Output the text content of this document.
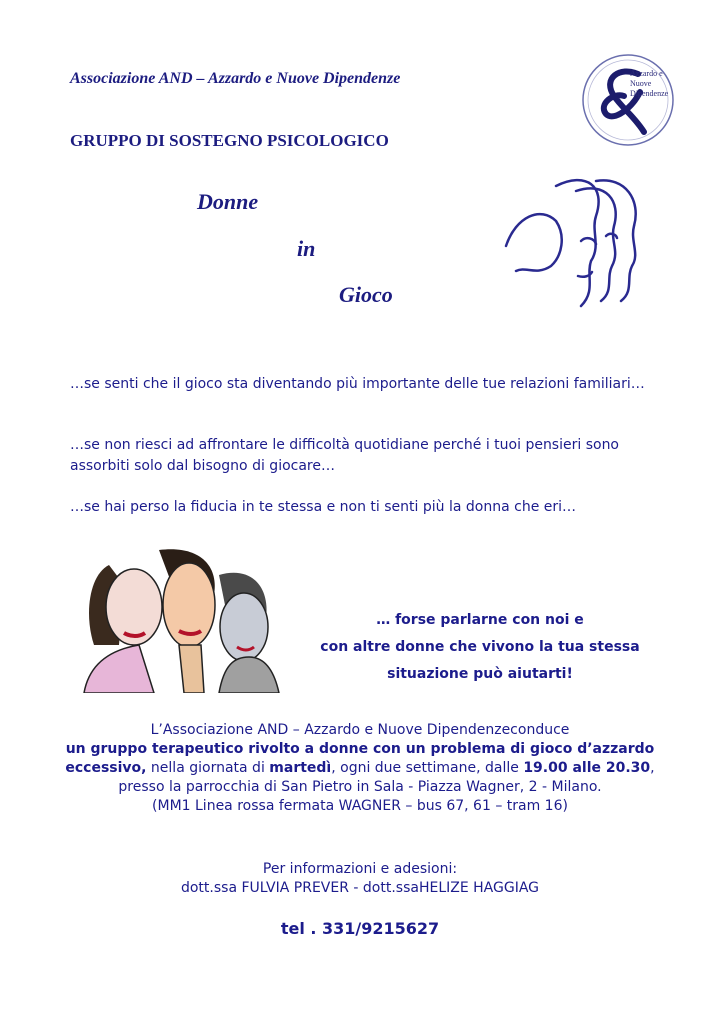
Associazione AND – Azzardo e Nuove Dipendenze
GRUPPO DI SOSTEGNO PSICOLOGICO
Azzardo e
Nuove
Dipendenze
Donne
in
Gioco
…se senti che il gioco sta diventando più importante delle tue relazioni familiari…
…se non riesci ad affrontare le difficoltà quotidiane perché i tuoi pensieri sono assorbiti solo dal bisogno di giocare…
…se hai perso la fiducia in te stessa e non ti senti più la donna che eri…
… forse parlarne con noi e
con altre donne che vivono la tua stessa
situazione può aiutarti!
L’Associazione AND – Azzardo e Nuove Dipendenzeconduce
un gruppo terapeutico rivolto a donne con un problema di gioco d’azzardo eccessivo, nella giornata di martedì, ogni due settimane, dalle 19.00 alle 20.30, presso la parrocchia di San Pietro in Sala - Piazza Wagner, 2 - Milano.
(MM1 Linea rossa fermata WAGNER – bus 67, 61 – tram 16)
Per informazioni e adesioni:
dott.ssa FULVIA PREVER - dott.ssaHELIZE HAGGIAG
tel . 331/9215627
